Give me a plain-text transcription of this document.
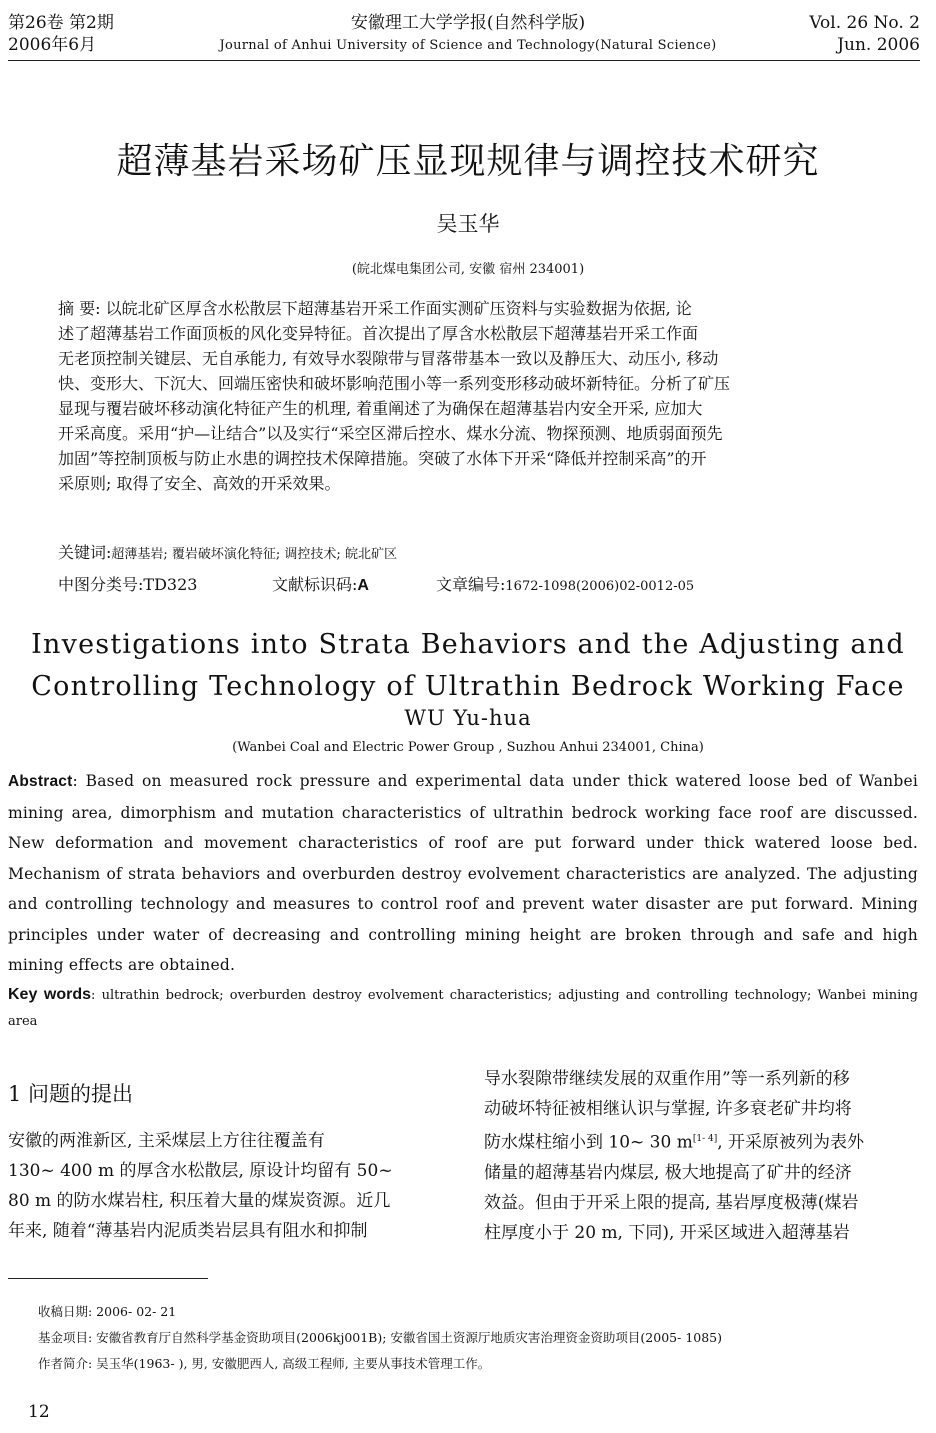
第26卷 第2期
2006年6月
安徽理工大学学报(自然科学版)
Journal of Anhui University of Science and Technology(Natural Science)
Vol. 26 No. 2
Jun. 2006
超薄基岩采场矿压显现规律与调控技术研究
吴玉华
(皖北煤电集团公司, 安徽 宿州 234001)
摘 要: 以皖北矿区厚含水松散层下超薄基岩开采工作面实测矿压资料与实验数据为依据, 论
述了超薄基岩工作面顶板的风化变异特征。首次提出了厚含水松散层下超薄基岩开采工作面
无老顶控制关键层、无自承能力, 有效导水裂隙带与冒落带基本一致以及静压大、动压小, 移动
快、变形大、下沉大、回端压密快和破坏影响范围小等一系列变形移动破坏新特征。分析了矿压
显现与覆岩破坏移动演化特征产生的机理, 着重阐述了为确保在超薄基岩内安全开采, 应加大
开采高度。采用“护—让结合”以及实行“采空区滞后控水、煤水分流、物探预测、地质弱面预先
加固”等控制顶板与防止水患的调控技术保障措施。突破了水体下开采“降低并控制采高”的开
采原则; 取得了安全、高效的开采效果。
关键词:超薄基岩; 覆岩破坏演化特征; 调控技术; 皖北矿区
中图分类号:TD323	文献标识码:A	文章编号:1672-1098(2006)02-0012-05
Investigations into Strata Behaviors and the Adjusting and
Controlling Technology of Ultrathin Bedrock Working Face
WU Yu-hua
(Wanbei Coal and Electric Power Group , Suzhou Anhui 234001, China)
Abstract: Based on measured rock pressure and experimental data under thick watered loose bed of Wanbei mining area, dimorphism and mutation characteristics of ultrathin bedrock working face roof are discussed. New deformation and movement characteristics of roof are put forward under thick watered loose bed. Mechanism of strata behaviors and overburden destroy evolvement characteristics are analyzed. The adjusting and controlling technology and measures to control roof and prevent water disaster are put forward. Mining principles under water of decreasing and controlling mining height are broken through and safe and high mining effects are obtained.
Key words: ultrathin bedrock; overburden destroy evolvement characteristics; adjusting and controlling technology; Wanbei mining area
1 问题的提出
安徽的两淮新区, 主采煤层上方往往覆盖有
130~ 400 m 的厚含水松散层, 原设计均留有 50~
80 m 的防水煤岩柱, 积压着大量的煤炭资源。近几
年来, 随着“薄基岩内泥质类岩层具有阻水和抑制
导水裂隙带继续发展的双重作用”等一系列新的移
动破坏特征被相继认识与掌握, 许多衰老矿井均将
防水煤柱缩小到 10~ 30 m[1- 4], 开采原被列为表外
储量的超薄基岩内煤层, 极大地提高了矿井的经济
效益。但由于开采上限的提高, 基岩厚度极薄(煤岩
柱厚度小于 20 m, 下同), 开采区域进入超薄基岩
收稿日期: 2006- 02- 21
基金项目: 安徽省教育厅自然科学基金资助项目(2006kj001B); 安徽省国土资源厅地质灾害治理资金资助项目(2005- 1085)
作者简介: 吴玉华(1963- ), 男, 安徽肥西人, 高级工程师, 主要从事技术管理工作。
12
